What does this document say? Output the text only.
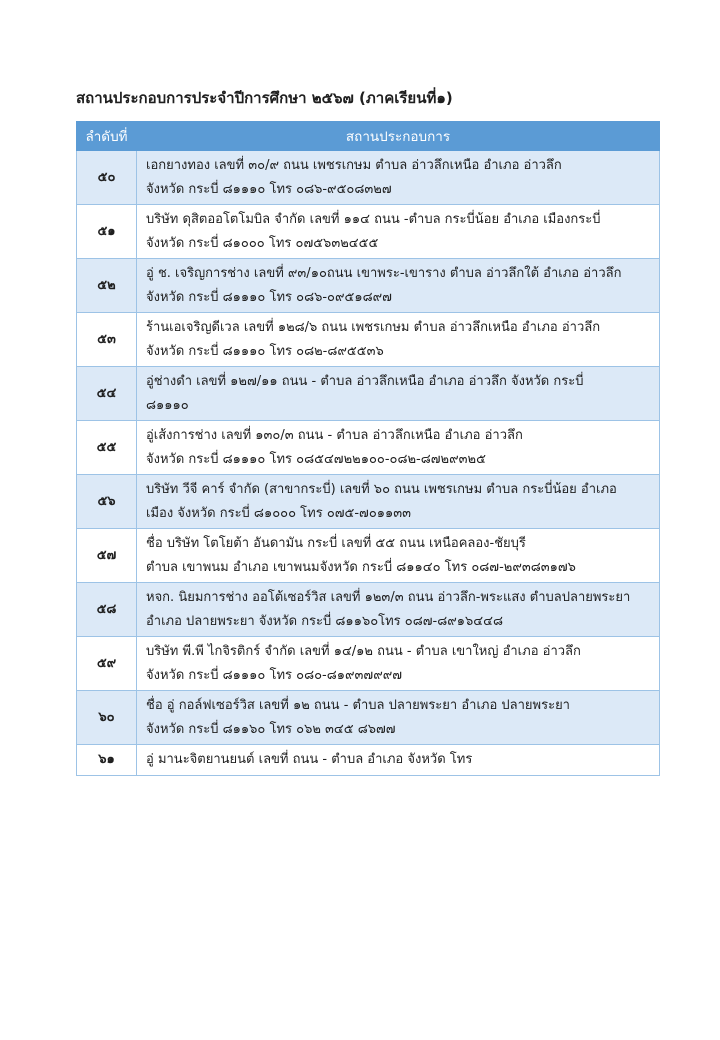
สถานประกอบการประจำปีการศึกษา ๒๕๖๗ (ภาคเรียนที่๑)
ลำดับที่	สถานประกอบการ
๕๐	เอกยางทอง เลขที่ ๓๐/๙ ถนน เพชรเกษม ตำบล อ่าวลึกเหนือ อำเภอ อ่าวลึก
จังหวัด กระบี่ ๘๑๑๑๐ โทร ๐๘๖-๙๕๐๘๓๒๗

๕๑	บริษัท ดุสิตออโตโมบิล จำกัด เลขที่ ๑๑๔ ถนน -ตำบล กระบี่น้อย อำเภอ เมืองกระบี่
จังหวัด กระบี่ ๘๑๐๐๐ โทร ๐๗๕๖๓๒๔๕๕

๕๒	อู่ ช. เจริญการช่าง เลขที่ ๙๓/๑๐ถนน เขาพระ-เขาราง ตำบล อ่าวลึกใต้ อำเภอ อ่าวลึก
จังหวัด กระบี่ ๘๑๑๑๐ โทร ๐๘๖-๐๙๕๑๘๙๗

๕๓	ร้านเอเจริญดีเวล เลขที่ ๑๒๘/๖ ถนน เพชรเกษม ตำบล อ่าวลึกเหนือ อำเภอ อ่าวลึก
จังหวัด กระบี่ ๘๑๑๑๐ โทร ๐๘๒-๘๙๕๕๓๖

๕๔	อู่ช่างดำ เลขที่ ๑๒๗/๑๑ ถนน - ตำบล อ่าวลึกเหนือ อำเภอ อ่าวลึก จังหวัด กระบี่
๘๑๑๑๐

๕๕	อู่เส้งการช่าง เลขที่ ๑๓๐/๓ ถนน - ตำบล อ่าวลึกเหนือ อำเภอ อ่าวลึก
จังหวัด กระบี่ ๘๑๑๑๐ โทร ๐๘๕๔๗๒๒๑๐๐-๐๘๒-๘๗๒๙๓๒๕

๕๖	บริษัท วีจี คาร์ จำกัด (สาขากระบี่) เลขที่ ๖๐ ถนน เพชรเกษม ตำบล กระบี่น้อย อำเภอ
เมือง จังหวัด กระบี่ ๘๑๐๐๐ โทร ๐๗๕-๗๐๑๑๓๓

๕๗	ชื่อ บริษัท โตโยต้า อันดามัน กระบี่ เลขที่ ๕๕ ถนน เหนือคลอง-ชัยบุรี
ตำบล เขาพนม อำเภอ เขาพนมจังหวัด กระบี่ ๘๑๑๔๐ โทร ๐๘๗-๒๙๓๘๓๑๗๖

๕๘	หจก. นิยมการช่าง ออโต้เซอร์วิส เลขที่ ๑๒๓/๓ ถนน อ่าวลึก-พระแสง ตำบลปลายพระยา
อำเภอ ปลายพระยา จังหวัด กระบี่ ๘๑๑๖๐โทร ๐๘๗-๘๙๑๖๔๔๘

๕๙	บริษัท พี.พี ไกจิรติกร์ จำกัด เลขที่ ๑๔/๑๒ ถนน - ตำบล เขาใหญ่ อำเภอ อ่าวลึก
จังหวัด กระบี่ ๘๑๑๑๐ โทร ๐๘๐-๘๑๙๓๗๙๙๗

๖๐	ชื่อ อู่ กอล์ฟเซอร์วิส เลขที่ ๑๒ ถนน - ตำบล ปลายพระยา อำเภอ ปลายพระยา
จังหวัด กระบี่ ๘๑๑๖๐ โทร ๐๖๒ ๓๔๕ ๘๖๗๗

๖๑	อู่ มานะจิตยานยนต์ เลขที่ ถนน - ตำบล อำเภอ จังหวัด โทร
